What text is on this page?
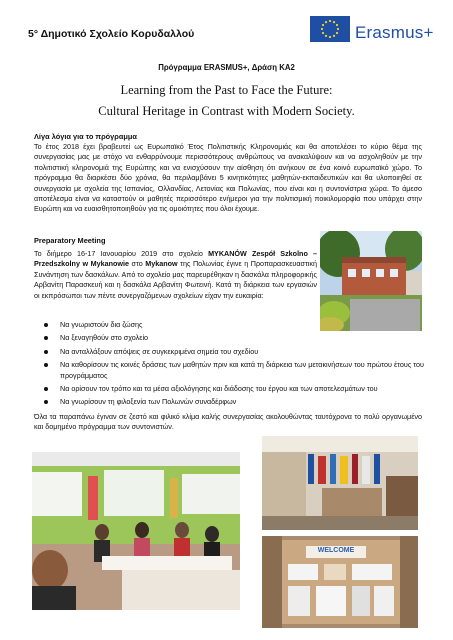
5° Δημοτικό Σχολείο Κορυδαλλού	Erasmus+
Πρόγραμμα ERASMUS+, Δράση ΚΑ2
Learning from the Past to Face the Future:
Cultural Heritage in Contrast with Modern Society.
Λίγα λόγια για το πρόγραμμα
Το έτος 2018 έχει βραβευτεί ως Ευρωπαϊκό Έτος Πολιτιστικής Κληρονομιάς και θα αποτελέσει το κύριο θέμα της συνεργασίας μας με στόχο να ενθαρρύνουμε περισσότερους ανθρώπους να ανακαλύψουν και να ασχοληθούν με την πολιτιστική κληρονομιά της Ευρώπης και να ενισχύσουν την αίσθηση ότι ανήκουν σε ένα κοινό ευρωπαϊκό χώρο. Το πρόγραμμα θα διαρκέσει δύο χρόνια, θα περιλαμβάνει 5 κινητικότητες μαθητών-εκπαιδευτικών και θα υλοποιηθεί σε συνεργασία με σχολεία της Ισπανίας, Ολλανδίας, Λετονίας και Πολωνίας, που είναι και η συντονίστρια χώρα. Το άμεσο αποτέλεσμα είναι να καταστούν οι μαθητές περισσότερο ενήμεροι για την πολιτισμική ποικιλομορφία που υπάρχει στην Ευρώπη και να ευαισθητοποιηθούν για τις ομοιότητες που όλοι έχουμε.
Preparatory Meeting
Το διήμερο 16-17 Ιανουαρίου 2019 στο σχολείο MYKANÓW Zespół Szkolno – Przedszkolny w Mykanowie στο Mykanow της Πολωνίας έγινε η Προπαρασκευαστική Συνάντηση των δασκάλων. Από το σχολείο μας παρευρέθηκαν η δασκάλα πληροφορικής Αρβανίτη Παρασκευή και η δασκάλα Αρβανίτη Φωτεινή. Κατά τη διάρκεια των εργασιών οι εκπρόσωποι των πέντε συνεργαζόμενων σχολείων είχαν την ευκαιρία:
Να γνωριστούν δια ζώσης
Να ξεναγηθούν στο σχολείο
Να ανταλλάξουν απόψεις σε συγκεκριμένα σημεία του σχεδίου
Να καθορίσουν τις κοινές δράσεις των μαθητών πριν και κατά τη διάρκεια των μετακινήσεων του πρώτου έτους του προγράμματος
Να ορίσουν τον τρόπο και τα μέσα αξιολόγησης και διάδοσης του έργου και των αποτελεσμάτων του
Να γνωρίσουν τη φιλοξενία των Πολωνών συναδέρφων
Όλα τα παραπάνω έγιναν σε ζεστό και φιλικό κλίμα καλής συνεργασίας ακολουθώντας ταυτόχρονα το πολύ οργανωμένο και δομημένο πρόγραμμα των συντονιστών.
WELCOME
